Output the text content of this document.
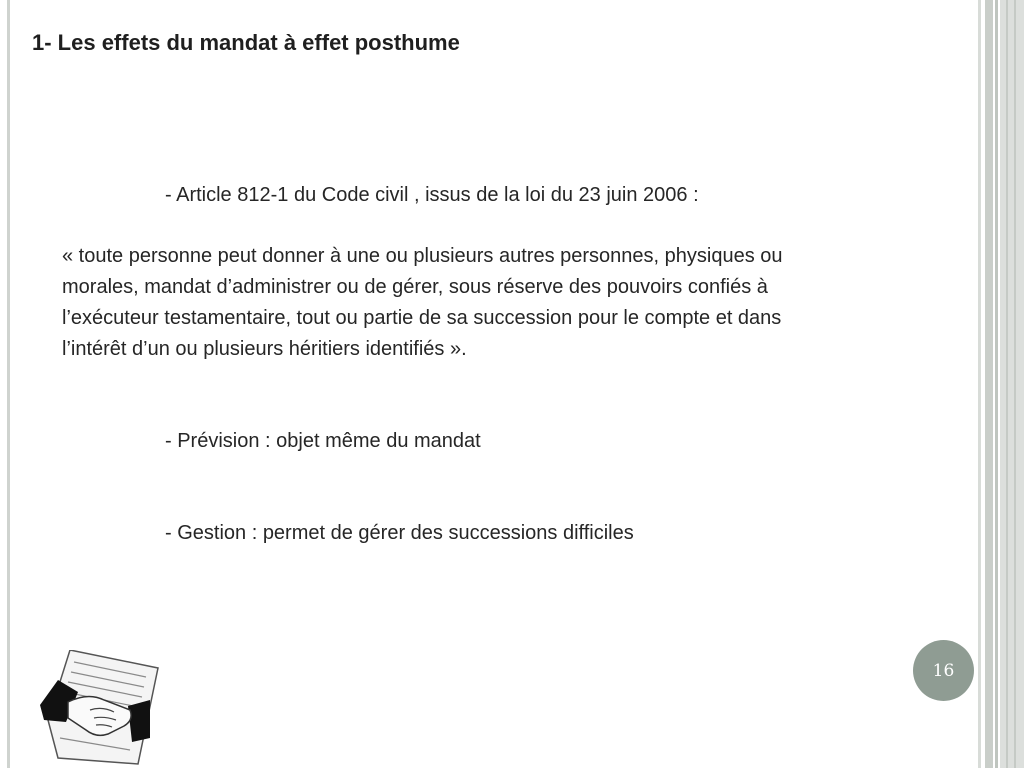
1- Les effets du mandat à effet posthume
- Article 812-1 du Code civil , issus de la loi du 23 juin 2006 :
« toute personne peut donner à une ou plusieurs autres personnes, physiques ou
morales, mandat d’administrer ou de gérer, sous réserve des pouvoirs confiés à
l’exécuteur testamentaire, tout ou partie de sa succession pour le compte et dans
l’intérêt d’un ou plusieurs héritiers identifiés ».
- Prévision : objet même du mandat
- Gestion : permet de gérer des successions difficiles
16
